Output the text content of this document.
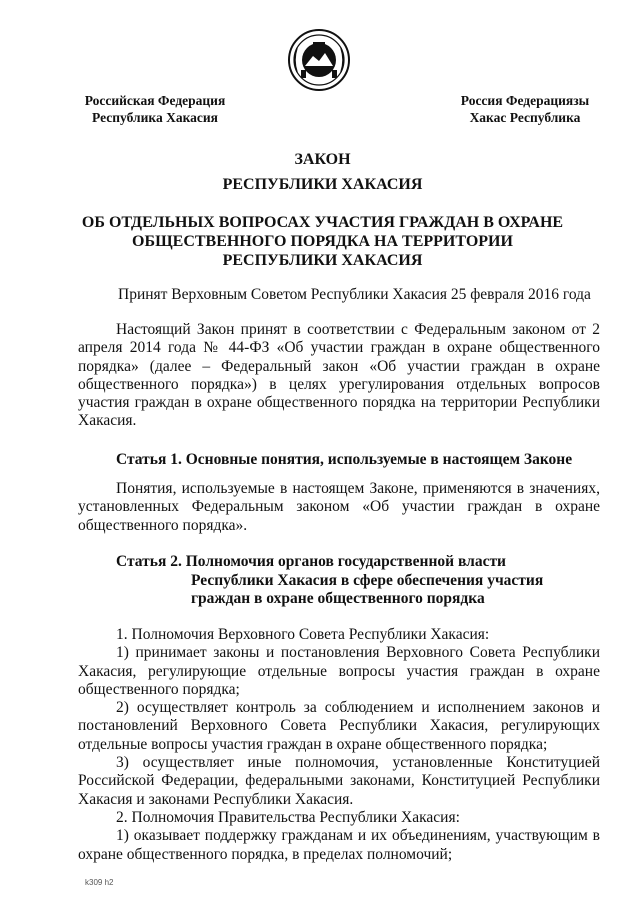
Российская Федерация
Республика Хакасия
Россия Федерациязы
Хакас Республика
ЗАКОН
РЕСПУБЛИКИ ХАКАСИЯ
ОБ ОТДЕЛЬНЫХ ВОПРОСАХ УЧАСТИЯ ГРАЖДАН В ОХРАНЕ
ОБЩЕСТВЕННОГО ПОРЯДКА НА ТЕРРИТОРИИ
РЕСПУБЛИКИ ХАКАСИЯ
Принят Верховным Советом Республики Хакасия 25 февраля 2016 года

Настоящий Закон принят в соответствии с Федеральным законом от 2 апреля 2014 года № 44-ФЗ «Об участии граждан в охране общественного порядка» (далее – Федеральный закон «Об участии граждан в охране общественного порядка») в целях урегулирования отдельных вопросов участия граждан в охране общественного порядка на территории Республики Хакасия.

Статья 1. Основные понятия, используемые в настоящем Законе

Понятия, используемые в настоящем Законе, применяются в значениях, установленных Федеральным законом «Об участии граждан в охране общественного порядка».

Статья 2. Полномочия органов государственной власти
Республики Хакасия в сфере обеспечения участия
граждан в охране общественного порядка

1. Полномочия Верховного Совета Республики Хакасия:

1) принимает законы и постановления Верховного Совета Республики Хакасия, регулирующие отдельные вопросы участия граждан в охране общественного порядка;

2) осуществляет контроль за соблюдением и исполнением законов и постановлений Верховного Совета Республики Хакасия, регулирующих отдельные вопросы участия граждан в охране общественного порядка;

3) осуществляет иные полномочия, установленные Конституцией Российской Федерации, федеральными законами, Конституцией Республики Хакасия и законами Республики Хакасия.

2. Полномочия Правительства Республики Хакасия:

1) оказывает поддержку гражданам и их объединениям, участвующим в охране общественного порядка, в пределах полномочий;

k309 h2
